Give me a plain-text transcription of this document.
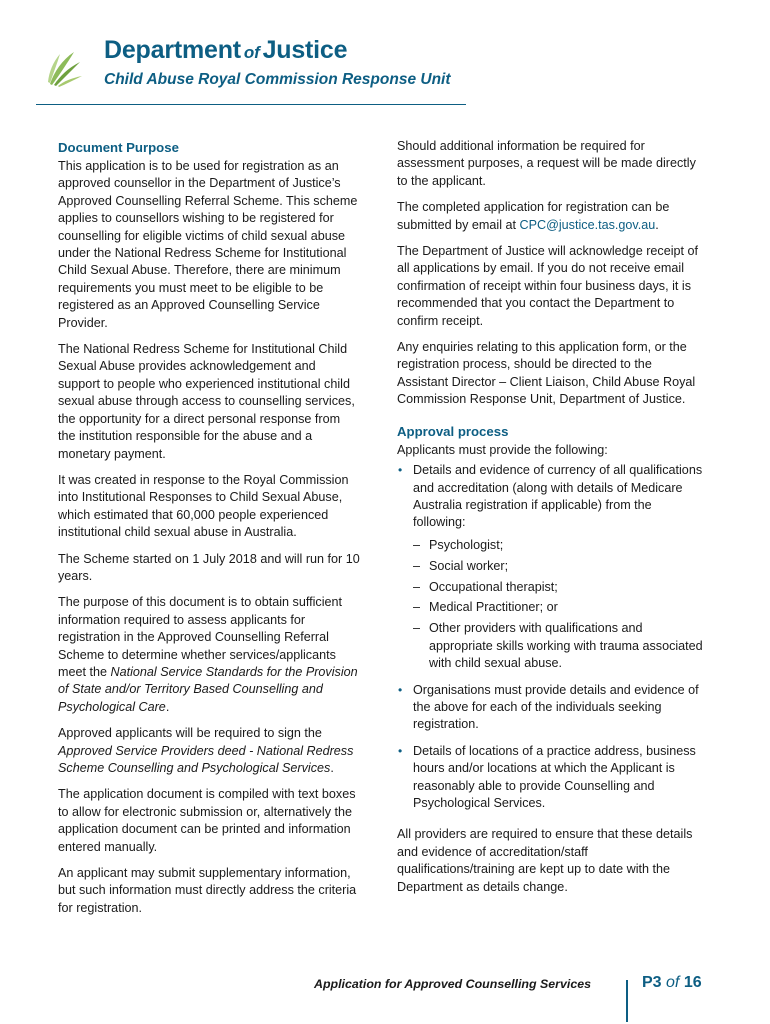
Department of Justice

Child Abuse Royal Commission Response Unit

Document Purpose

This application is to be used for registration as an approved counsellor in the Department of Justice’s Approved Counselling Referral Scheme. This scheme applies to counsellors wishing to be registered for counselling for eligible victims of child sexual abuse under the National Redress Scheme for Institutional Child Sexual Abuse. Therefore, there are minimum requirements you must meet to be eligible to be registered as an Approved Counselling Service Provider.

The National Redress Scheme for Institutional Child Sexual Abuse provides acknowledgement and support to people who experienced institutional child sexual abuse through access to counselling services, the opportunity for a direct personal response from the institution responsible for the abuse and a monetary payment.

It was created in response to the Royal Commission into Institutional Responses to Child Sexual Abuse, which estimated that 60,000 people experienced institutional child sexual abuse in Australia.

The Scheme started on 1 July 2018 and will run for 10 years.

The purpose of this document is to obtain sufficient information required to assess applicants for registration in the Approved Counselling Referral Scheme to determine whether services/applicants meet the National Service Standards for the Provision of State and/or Territory Based Counselling and Psychological Care.

Approved applicants will be required to sign the Approved Service Providers deed - National Redress Scheme Counselling and Psychological Services.

The application document is compiled with text boxes to allow for electronic submission or, alternatively the application document can be printed and information entered manually.

An applicant may submit supplementary information, but such information must directly address the criteria for registration.

Should additional information be required for assessment purposes, a request will be made directly to the applicant.

The completed application for registration can be submitted by email at CPC@justice.tas.gov.au.

The Department of Justice will acknowledge receipt of all applications by email. If you do not receive email confirmation of receipt within four business days, it is recommended that you contact the Department to confirm receipt.

Any enquiries relating to this application form, or the registration process, should be directed to the Assistant Director – Client Liaison, Child Abuse Royal Commission Response Unit, Department of Justice.

Approval process

Applicants must provide the following:

• Details and evidence of currency of all qualifications and accreditation (along with details of Medicare Australia registration if applicable) from the following:
– Psychologist;
– Social worker;
– Occupational therapist;
– Medical Practitioner; or
– Other providers with qualifications and appropriate skills working with trauma associated with child sexual abuse.
• Organisations must provide details and evidence of the above for each of the individuals seeking registration.
• Details of locations of a practice address, business hours and/or locations at which the Applicant is reasonably able to provide Counselling and Psychological Services.

All providers are required to ensure that these details and evidence of accreditation/staff qualifications/training are kept up to date with the Department as details change.

Application for Approved Counselling Services	P3 of 16
